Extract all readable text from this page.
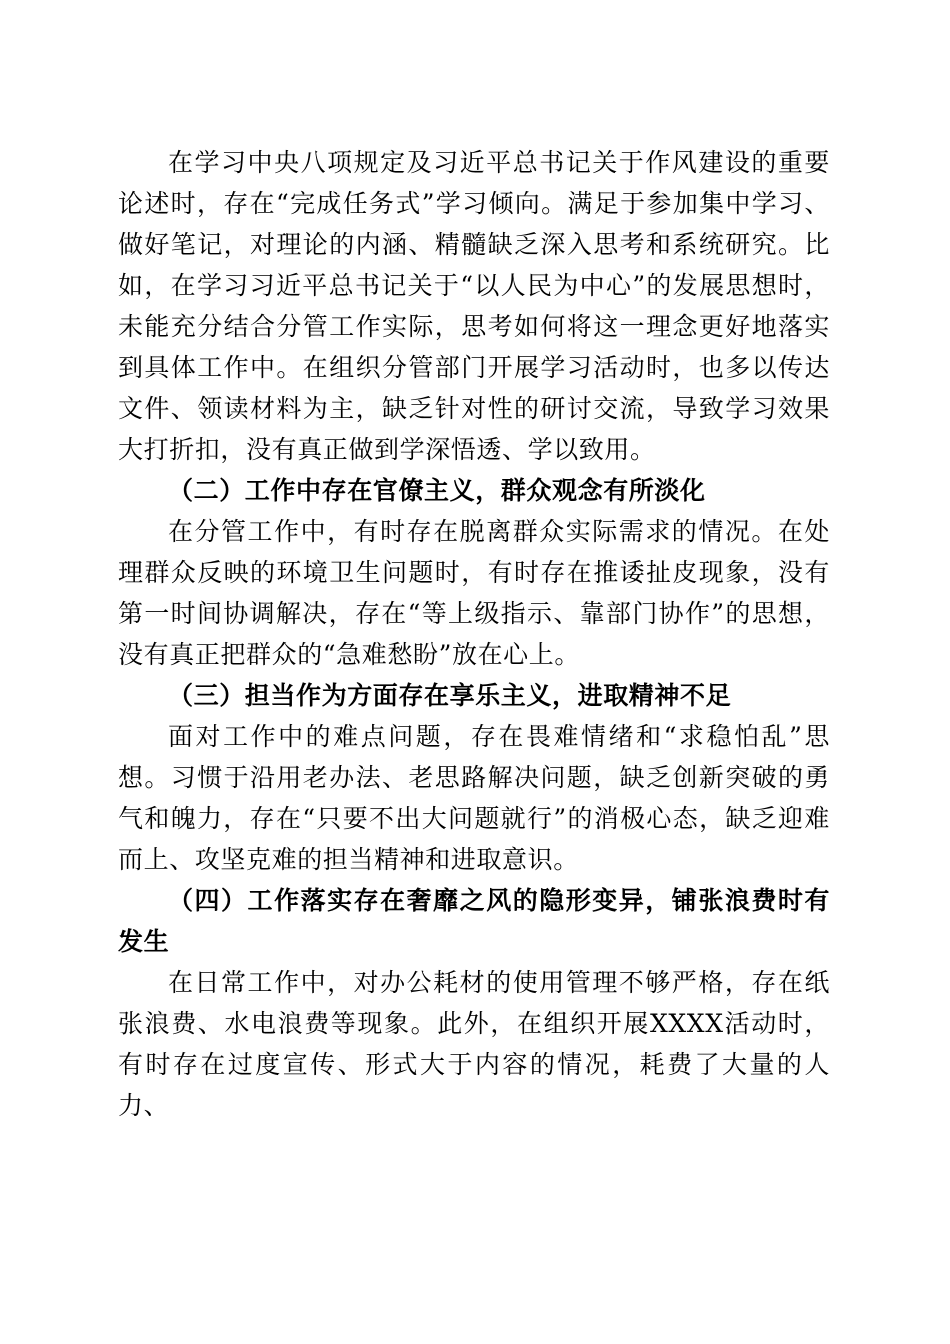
在学习中央八项规定及习近平总书记关于作风建设的重要论述时，存在“完成任务式”学习倾向。满足于参加集中学习、做好笔记，对理论的内涵、精髓缺乏深入思考和系统研究。比如，在学习习近平总书记关于“以人民为中心”的发展思想时，未能充分结合分管工作实际，思考如何将这一理念更好地落实到具体工作中。在组织分管部门开展学习活动时，也多以传达文件、领读材料为主，缺乏针对性的研讨交流，导致学习效果大打折扣，没有真正做到学深悟透、学以致用。

（二）工作中存在官僚主义，群众观念有所淡化

在分管工作中，有时存在脱离群众实际需求的情况。在处理群众反映的环境卫生问题时，有时存在推诿扯皮现象，没有第一时间协调解决，存在“等上级指示、靠部门协作”的思想，没有真正把群众的“急难愁盼”放在心上。

（三）担当作为方面存在享乐主义，进取精神不足

面对工作中的难点问题，存在畏难情绪和“求稳怕乱”思想。习惯于沿用老办法、老思路解决问题，缺乏创新突破的勇气和魄力，存在“只要不出大问题就行”的消极心态，缺乏迎难而上、攻坚克难的担当精神和进取意识。

（四）工作落实存在奢靡之风的隐形变异，铺张浪费时有发生

在日常工作中，对办公耗材的使用管理不够严格，存在纸张浪费、水电浪费等现象。此外，在组织开展XXXX活动时，有时存在过度宣传、形式大于内容的情况，耗费了大量的人力、
